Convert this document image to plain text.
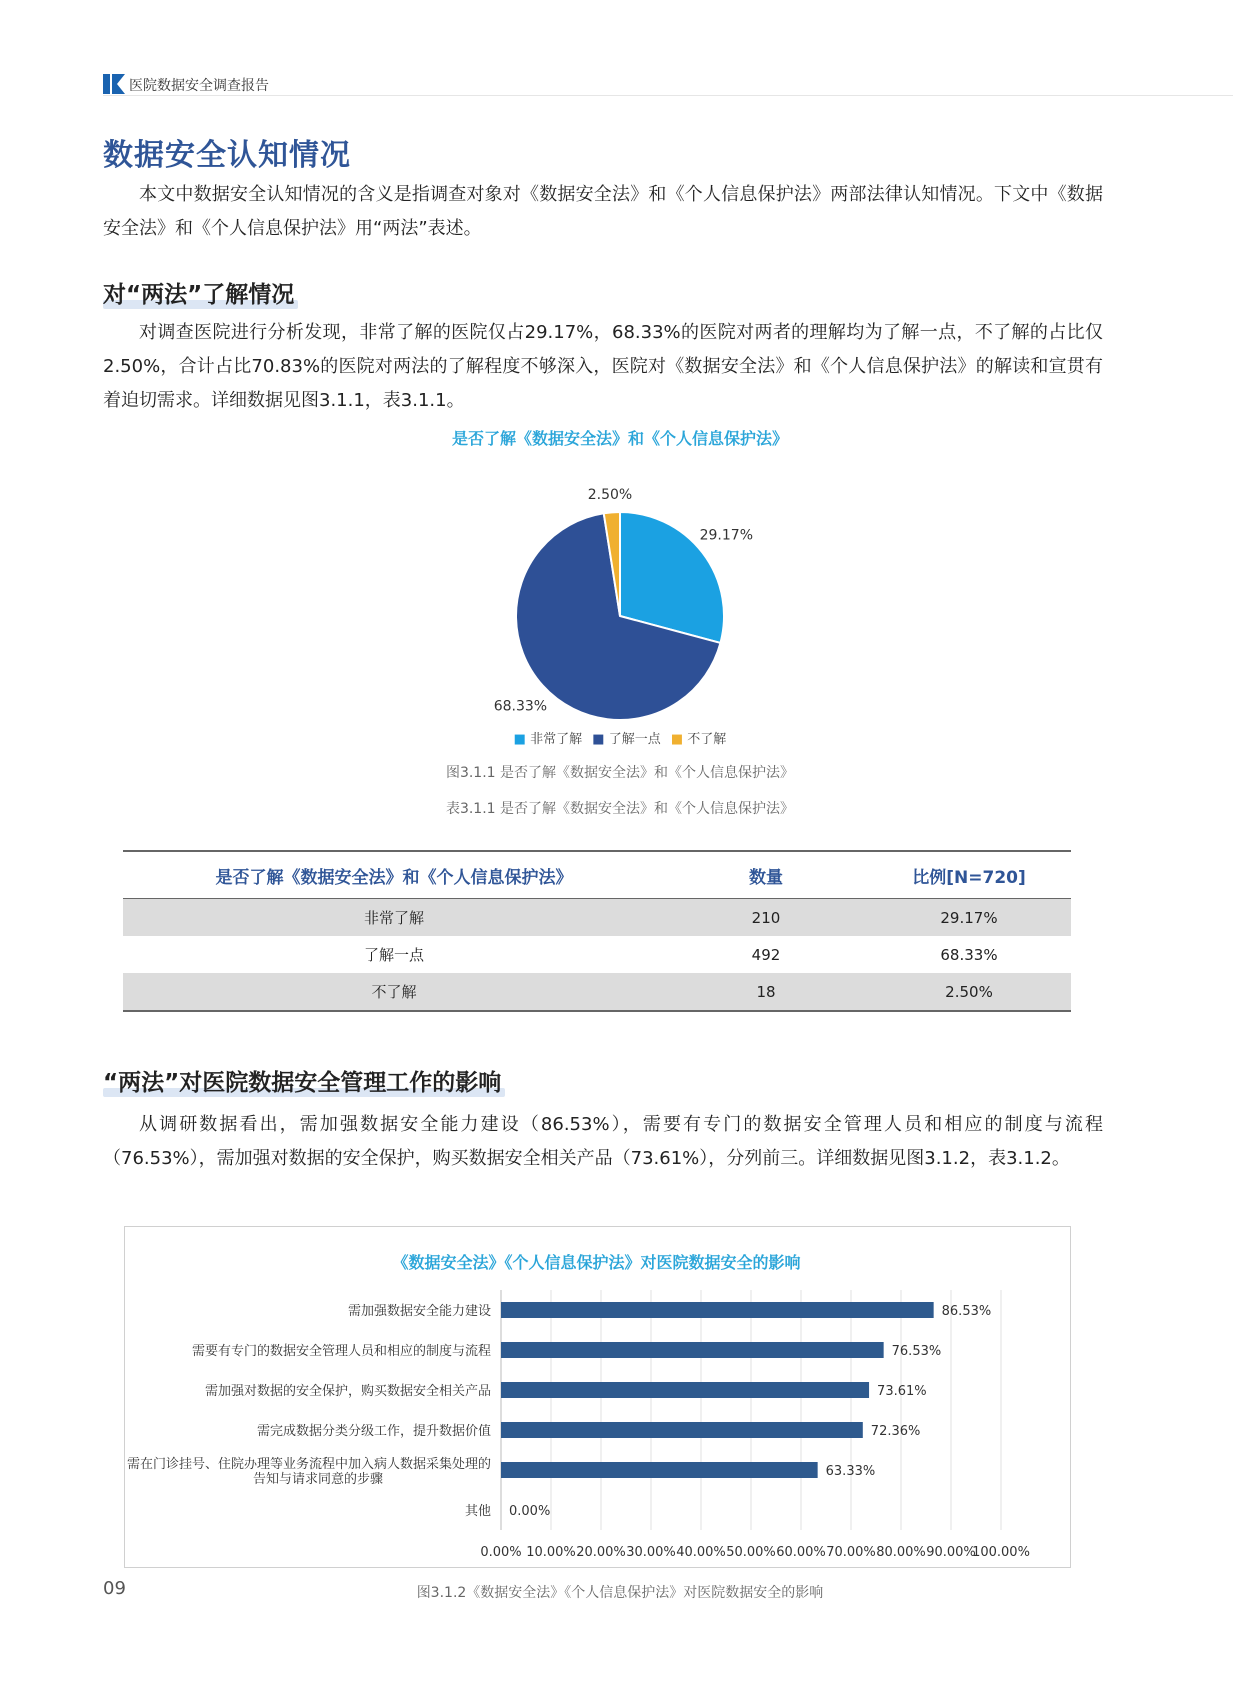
医院数据安全调查报告
数据安全认知情况
本文中数据安全认知情况的含义是指调查对象对《数据安全法》和《个人信息保护法》两部法律认知情况。下文中《数据安全法》和《个人信息保护法》用“两法”表述。
对“两法”了解情况
对调查医院进行分析发现，非常了解的医院仅占29.17%，68.33%的医院对两者的理解均为了解一点，不了解的占比仅2.50%，合计占比70.83%的医院对两法的了解程度不够深入，医院对《数据安全法》和《个人信息保护法》的解读和宣贯有着迫切需求。详细数据见图3.1.1，表3.1.1。
是否了解《数据安全法》和《个人信息保护法》
29.17%
68.33%
2.50%
■ 非常了解 ■ 了解一点 ■ 不了解
图3.1.1 是否了解《数据安全法》和《个人信息保护法》
表3.1.1 是否了解《数据安全法》和《个人信息保护法》
是否了解《数据安全法》和《个人信息保护法》	数量	比例[N=720]
非常了解	210	29.17%
了解一点	492	68.33%
不了解	18	2.50%
“两法”对医院数据安全管理工作的影响
从调研数据看出，需加强数据安全能力建设（86.53%），需要有专门的数据安全管理人员和相应的制度与流程（76.53%），需加强对数据的安全保护，购买数据安全相关产品（73.61%），分列前三。详细数据见图3.1.2，表3.1.2。
《数据安全法》《个人信息保护法》对医院数据安全的影响
0.00% 10.00% 20.00% 30.00% 40.00% 50.00% 60.00% 70.00% 80.00% 90.00%
100.00%
86.53%
需加强数据安全能力建设
76.53%
需要有专门的数据安全管理人员和相应的制度与流程
73.61%
需加强对数据的安全保护，购买数据安全相关产品
72.36%
需完成数据分类分级工作，提升数据价值
63.33%
需在门诊挂号、住院办理等业务流程中加入病人数据采集处理的告知与请求同意的步骤
0.00%
其他
09	图3.1.2《数据安全法》《个人信息保护法》对医院数据安全的影响
